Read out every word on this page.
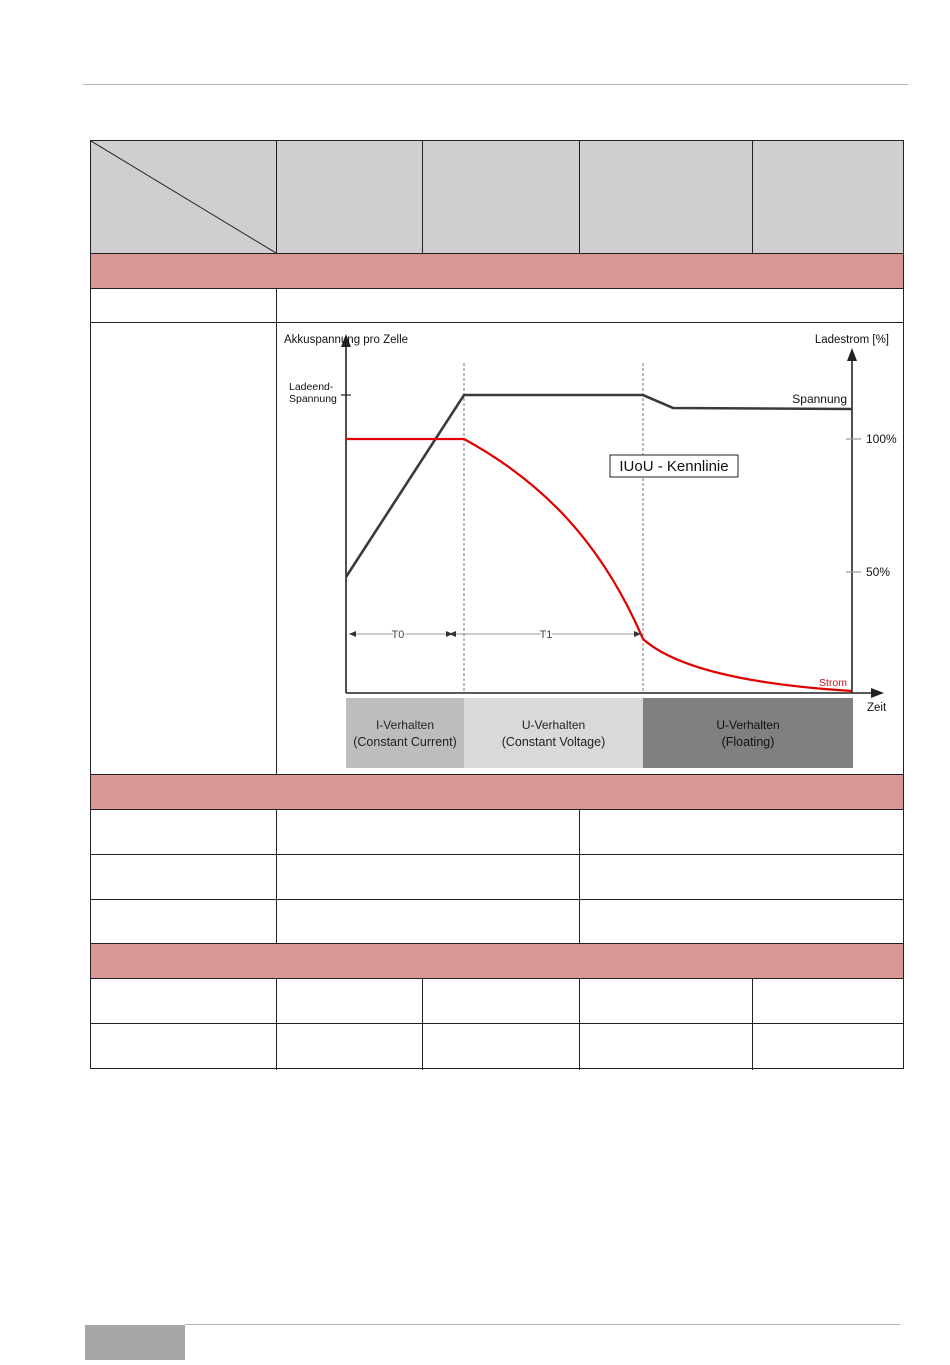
I-Verhalten
(Constant Current)
U-Verhalten
(Constant Voltage)
U-Verhalten
(Floating)
Akkuspannung pro Zelle	Ladestrom [%]
Zeit
Ladeend-
Spannung
100%
50%
Spannung
Strom
T0	T1
IUoU - Kennlinie
